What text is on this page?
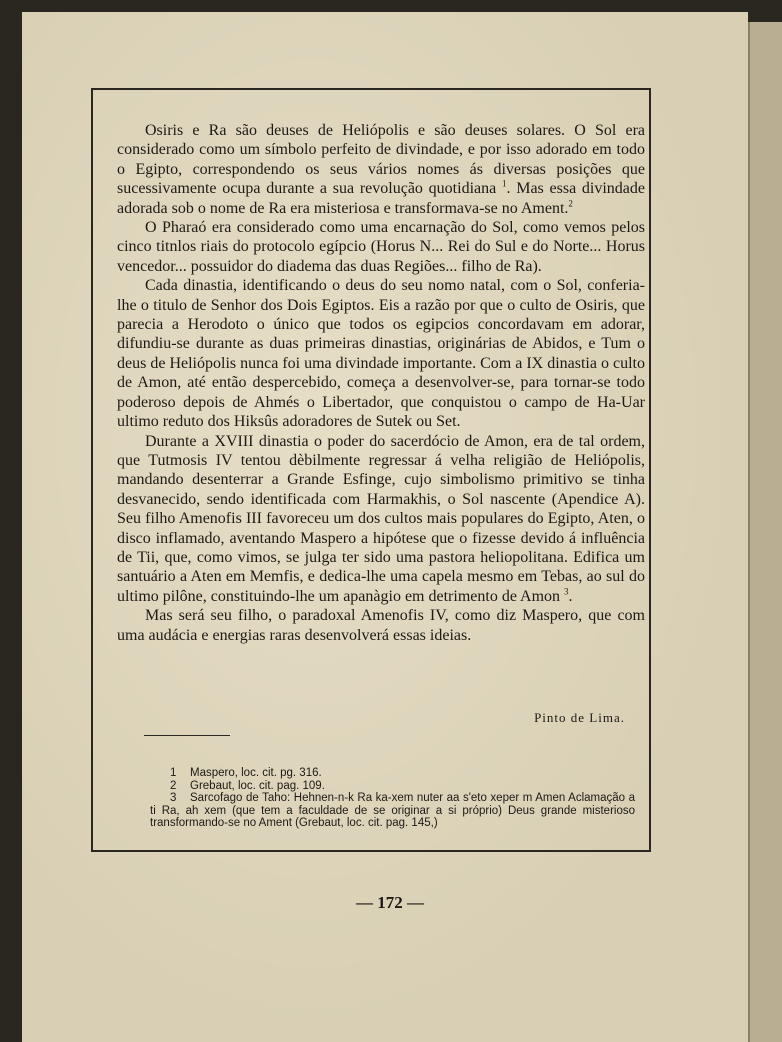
Osiris e Ra são deuses de Heliópolis e são deuses solares. O Sol era considerado como um símbolo perfeito de divindade, e por isso adorado em todo o Egipto, correspondendo os seus vários nomes ás diversas posições que sucessivamente ocupa durante a sua revolução quotidiana $^1$. Mas essa divindade adorada sob o nome de Ra era misteriosa e transformava-se no Ament.$^2$

O Pharaó era considerado como uma encarnação do Sol, como vemos pelos cinco titnlos riais do protocolo egípcio (Horus N... Rei do Sul e do Norte... Horus vencedor... possuidor do diadema das duas Regiões... filho de Ra).

Cada dinastia, identificando o deus do seu nomo natal, com o Sol, conferia-lhe o titulo de Senhor dos Dois Egiptos. Eis a razão por que o culto de Osiris, que parecia a Herodoto o único que todos os egipcios concordavam em adorar, difundiu-se durante as duas primeiras dinastias, originárias de Abidos, e Tum o deus de Heliópolis nunca foi uma divindade importante. Com a IX dinastia o culto de Amon, até então despercebido, começa a desenvolver-se, para tornar-se todo poderoso depois de Ahmés o Libertador, que conquistou o campo de Ha-Uar ultimo reduto dos Hiksûs adoradores de Sutek ou Set.

Durante a XVIII dinastia o poder do sacerdócio de Amon, era de tal ordem, que Tutmosis IV tentou dèbilmente regressar á velha religião de Heliópolis, mandando desenterrar a Grande Esfinge, cujo simbolismo primitivo se tinha desvanecido, sendo identificada com Harmakhis, o Sol nascente (Apendice A). Seu filho Amenofis III favoreceu um dos cultos mais populares do Egipto, Aten, o disco inflamado, aventando Maspero a hipótese que o fizesse devido á influência de Tii, que, como vimos, se julga ter sido uma pastora heliopolitana. Edifica um santuário a Aten em Memfis, e dedica-lhe uma capela mesmo em Tebas, ao sul do ultimo pilône, constituindo-lhe um apanàgio em detrimento de Amon $^3$.

Mas será seu filho, o paradoxal Amenofis IV, como diz Maspero, que com uma audácia e energias raras desenvolverá essas ideias.

Pinto de Lima.

1 Maspero, loc. cit. pg. 316.

2 Grebaut, loc. cit. pag. 109.

3 Sarcofago de Taho: Hehnen-n-k Ra ka-xem nuter aa s'eto xeper m Amen Aclamação a ti Ra, ah xem (que tem a faculdade de se originar a si próprio) Deus grande misterioso transformando-se no Ament (Grebaut, loc. cit. pag. 145,)

— 172 —
